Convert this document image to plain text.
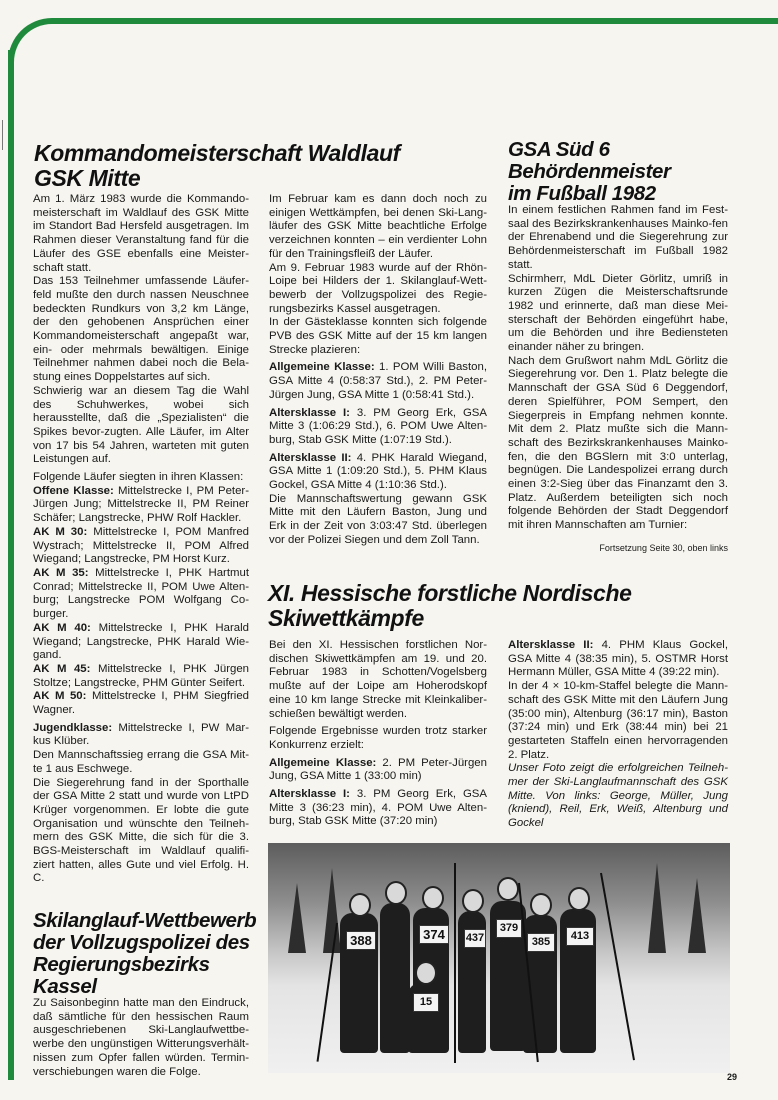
Kommandomeisterschaft Waldlauf
GSK Mitte

Am 1. März 1983 wurde die Kommando-meisterschaft im Waldlauf des GSK Mitte im Standort Bad Hersfeld ausgetragen. Im Rahmen dieser Veranstaltung fand für die Läufer des GSE ebenfalls eine Meister-schaft statt.

Das 153 Teilnehmer umfassende Läufer-feld mußte den durch nassen Neuschnee bedeckten Rundkurs von 3,2 km Länge, der den gehobenen Ansprüchen einer Kommandomeisterschaft angepaßt war, ein- oder mehrmals bewältigen. Einige Teilnehmer nahmen dabei noch die Bela-stung eines Doppelstartes auf sich.

Schwierig war an diesem Tag die Wahl des Schuhwerkes, wobei sich herausstellte, daß die „Spezialisten“ die Spikes bevor-zugten. Alle Läufer, im Alter von 17 bis 54 Jahren, warteten mit guten Leistungen auf.

Folgende Läufer siegten in ihren Klassen:

Offene Klasse: Mittelstrecke I, PM Peter-Jürgen Jung; Mittelstrecke II, PM Reiner Schäfer; Langstrecke, PHW Rolf Hackler.

AK M 30: Mittelstrecke I, POM Manfred Wystrach; Mittelstrecke II, POM Alfred Wiegand; Langstrecke, PM Horst Kurz.

AK M 35: Mittelstrecke I, PHK Hartmut Conrad; Mittelstrecke II, POM Uwe Alten-burg; Langstrecke POM Wolfgang Co-burger.

AK M 40: Mittelstrecke I, PHK Harald Wiegand; Langstrecke, PHK Harald Wie-gand.

AK M 45: Mittelstrecke I, PHK Jürgen Stoltze; Langstrecke, PHM Günter Seifert.

AK M 50: Mittelstrecke I, PHM Siegfried Wagner.

Jugendklasse: Mittelstrecke I, PW Mar-kus Klüber.

Den Mannschaftssieg errang die GSA Mit-te 1 aus Eschwege.

Die Siegerehrung fand in der Sporthalle der GSA Mitte 2 statt und wurde von LtPD Krüger vorgenommen. Er lobte die gute Organisation und wünschte den Teilneh-mern des GSK Mitte, die sich für die 3. BGS-Meisterschaft im Waldlauf qualifi-ziert hatten, alles Gute und viel Erfolg. H. C.

Skilanglauf-Wettbewerb
der Vollzugspolizei des
Regierungsbezirks
Kassel

Zu Saisonbeginn hatte man den Eindruck, daß sämtliche für den hessischen Raum ausgeschriebenen Ski-Langlaufwettbe-werbe den ungünstigen Witterungsverhält-nissen zum Opfer fallen würden. Termin-verschiebungen waren die Folge.

Im Februar kam es dann doch noch zu einigen Wettkämpfen, bei denen Ski-Lang-läufer des GSK Mitte beachtliche Erfolge verzeichnen konnten – ein verdienter Lohn für den Trainingsfleiß der Läufer.

Am 9. Februar 1983 wurde auf der Rhön-Loipe bei Hilders der 1. Skilanglauf-Wett-bewerb der Vollzugspolizei des Regie-rungsbezirks Kassel ausgetragen.

In der Gästeklasse konnten sich folgende PVB des GSK Mitte auf der 15 km langen Strecke plazieren:

Allgemeine Klasse: 1. POM Willi Baston, GSA Mitte 4 (0:58:37 Std.), 2. PM Peter-Jürgen Jung, GSA Mitte 1 (0:58:41 Std.).

Altersklasse I: 3. PM Georg Erk, GSA Mitte 3 (1:06:29 Std.), 6. POM Uwe Alten-burg, Stab GSK Mitte (1:07:19 Std.).

Altersklasse II: 4. PHK Harald Wiegand, GSA Mitte 1 (1:09:20 Std.), 5. PHM Klaus Gockel, GSA Mitte 4 (1:10:36 Std.).

Die Mannschaftswertung gewann GSK Mitte mit den Läufern Baston, Jung und Erk in der Zeit von 3:03:47 Std. überlegen vor der Polizei Siegen und dem Zoll Tann.

GSA Süd 6
Behördenmeister
im Fußball 1982

In einem festlichen Rahmen fand im Fest-saal des Bezirkskrankenhauses Mainko-fen der Ehrenabend und die Siegerehrung zur Behördenmeisterschaft im Fußball 1982 statt.

Schirmherr, MdL Dieter Görlitz, umriß in kurzen Zügen die Meisterschaftsrunde 1982 und erinnerte, daß man diese Mei-sterschaft der Behörden eingeführt habe, um die Behörden und ihre Bediensteten einander näher zu bringen.

Nach dem Grußwort nahm MdL Görlitz die Siegerehrung vor. Den 1. Platz belegte die Mannschaft der GSA Süd 6 Deggendorf, deren Spielführer, POM Sempert, den Siegerpreis in Empfang nehmen konnte. Mit dem 2. Platz mußte sich die Mann-schaft des Bezirkskrankenhauses Mainko-fen, die den BGSlern mit 3:0 unterlag, begnügen. Die Landespolizei errang durch einen 3:2-Sieg über das Finanzamt den 3. Platz. Außerdem beteiligten sich noch folgende Behörden der Stadt Deggendorf mit ihren Mannschaften am Turnier:

Fortsetzung Seite 30, oben links
XI. Hessische forstliche Nordische
Skiwettkämpfe

Bei den XI. Hessischen forstlichen Nor-dischen Skiwettkämpfen am 19. und 20. Februar 1983 in Schotten/Vogelsberg mußte auf der Loipe am Hoherodskopf eine 10 km lange Strecke mit Kleinkaliber-schießen bewältigt werden.

Folgende Ergebnisse wurden trotz starker Konkurrenz erzielt:

Allgemeine Klasse: 2. PM Peter-Jürgen Jung, GSA Mitte 1 (33:00 min)

Altersklasse I: 3. PM Georg Erk, GSA Mitte 3 (36:23 min), 4. POM Uwe Alten-burg, Stab GSK Mitte (37:20 min)

Altersklasse II: 4. PHM Klaus Gockel, GSA Mitte 4 (38:35 min), 5. OSTMR Horst Hermann Müller, GSA Mitte 4 (39:22 min).

In der 4 × 10-km-Staffel belegte die Mann-schaft des GSK Mitte mit den Läufern Jung (35:00 min), Altenburg (36:17 min), Baston (37:24 min) und Erk (38:44 min) bei 21 gestarteten Staffeln einen hervorragenden 2. Platz.

Unser Foto zeigt die erfolgreichen Teilneh-mer der Ski-Langlaufmannschaft des GSK Mitte. Von links: George, Müller, Jung (kniend), Reil, Erk, Weiß, Altenburg und Gockel

388	374	437
15
379
385	413
29
